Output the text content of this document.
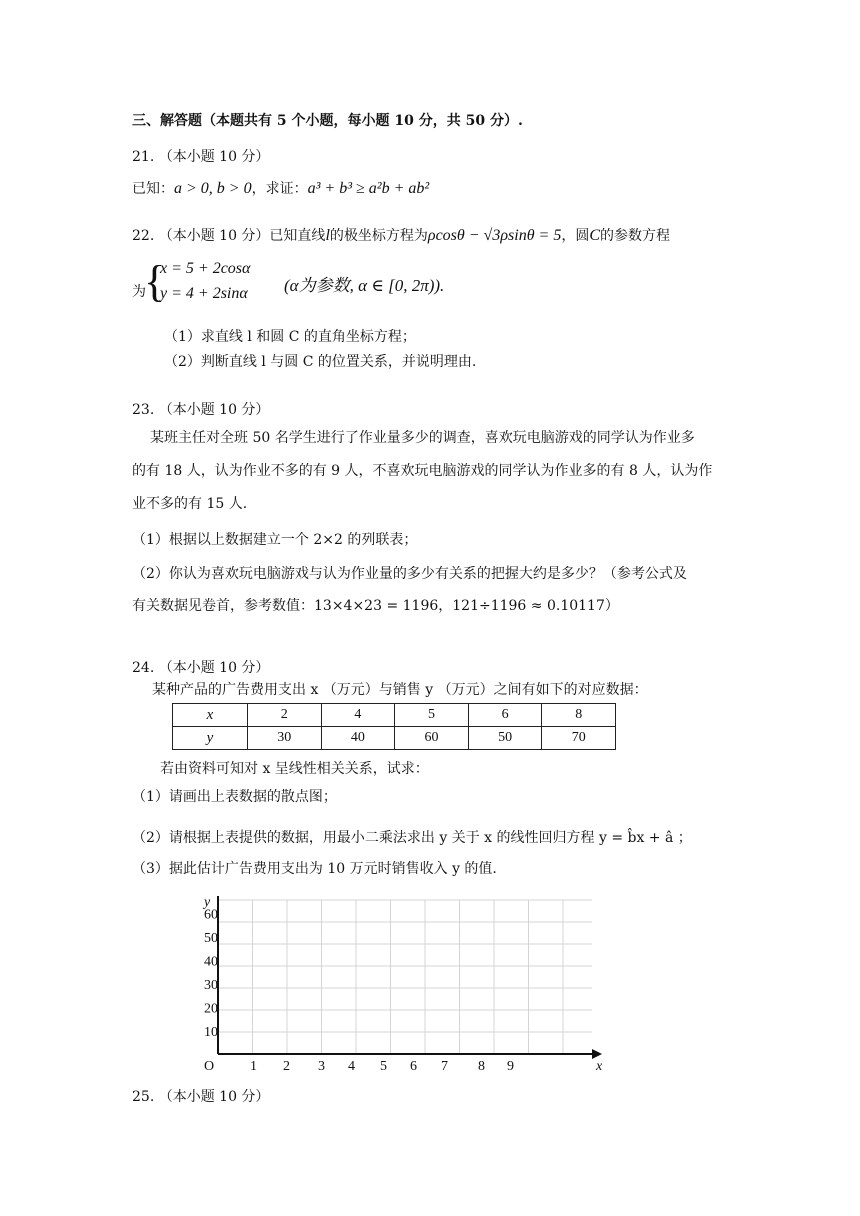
三、解答题（本题共有 5 个小题，每小题 10 分，共 50 分）.
21. （本小题 10 分）
已知：a > 0, b > 0，求证：a³ + b³ ≥ a²b + ab²
22. （本小题 10 分）已知直线l的极坐标方程为ρcosθ − √3ρsinθ = 5，圆C的参数方程
为
{
x = 5 + 2cosα
y = 4 + 2sinα (α为参数, α ∈ [0, 2π)).
（1）求直线 l 和圆 C 的直角坐标方程；
（2）判断直线 l 与圆 C 的位置关系，并说明理由.
23. （本小题 10 分）
某班主任对全班 50 名学生进行了作业量多少的调查，喜欢玩电脑游戏的同学认为作业多
的有 18 人，认为作业不多的有 9 人，不喜欢玩电脑游戏的同学认为作业多的有 8 人，认为作
业不多的有 15 人.
（1）根据以上数据建立一个 2×2 的列联表；
（2）你认为喜欢玩电脑游戏与认为作业量的多少有关系的把握大约是多少？（参考公式及
有关数据见卷首，参考数值：13×4×23 = 1196，121÷1196 ≈ 0.10117）
24. （本小题 10 分）
某种产品的广告费用支出 x （万元）与销售 y （万元）之间有如下的对应数据：
x	2	4	5	6	8
y	30	40	60	50	70
若由资料可知对 x 呈线性相关关系，试求：
（1）请画出上表数据的散点图；
（2）请根据上表提供的数据，用最小二乘法求出 y 关于 x 的线性回归方程 y = b̂x + â ；
（3）据此估计广告费用支出为 10 万元时销售收入 y 的值.
O	x
y
1 2 3 4 5 6 7 8 9
10
20
30
40
50
60
25. （本小题 10 分）
